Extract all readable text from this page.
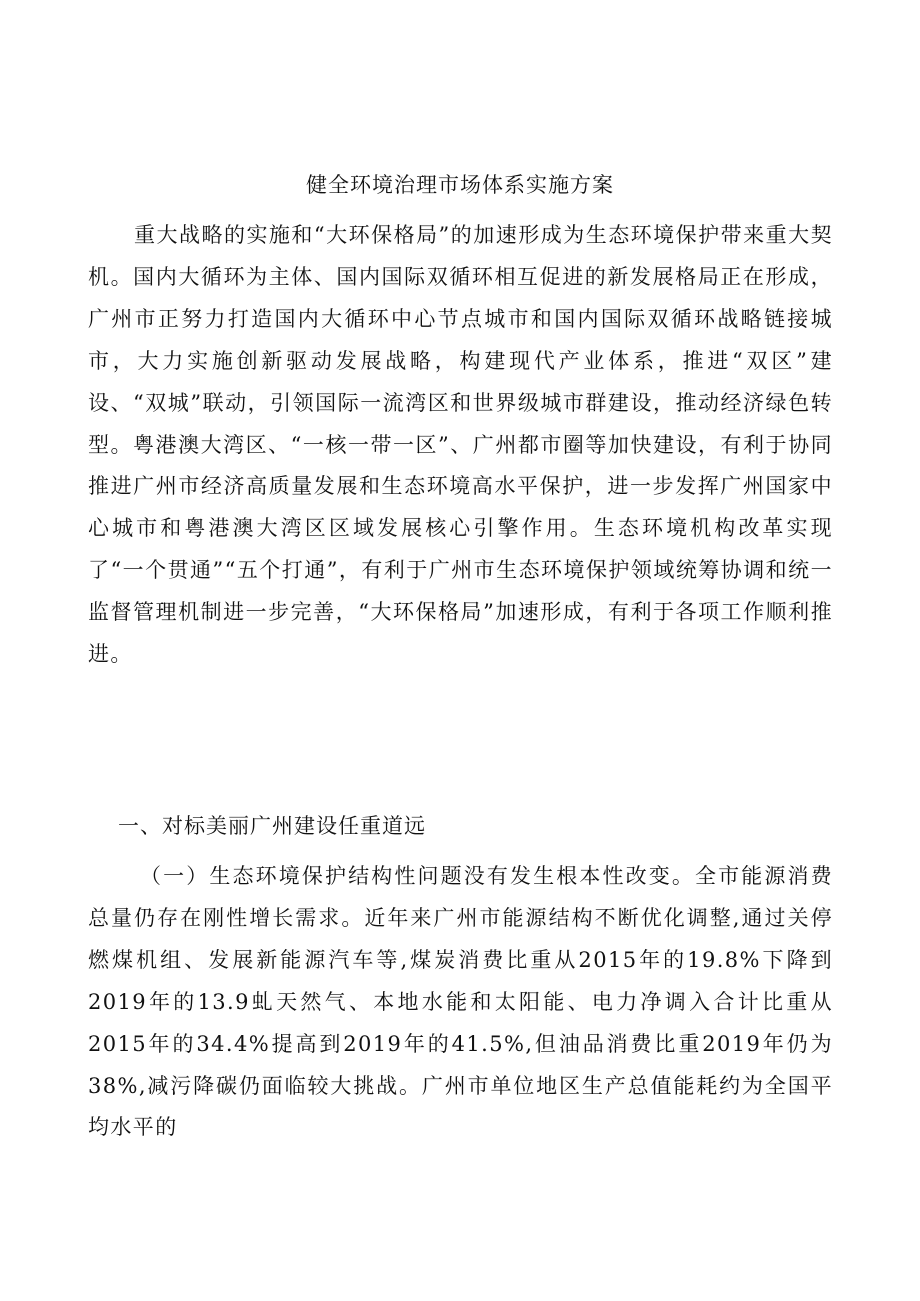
健全环境治理市场体系实施方案

重大战略的实施和“大环保格局”的加速形成为生态环境保护带来重大契机。国内大循环为主体、国内国际双循环相互促进的新发展格局正在形成，广州市正努力打造国内大循环中心节点城市和国内国际双循环战略链接城市，大力实施创新驱动发展战略，构建现代产业体系，推进“双区”建设、“双城”联动，引领国际一流湾区和世界级城市群建设，推动经济绿色转型。粤港澳大湾区、“一核一带一区”、广州都市圈等加快建设，有利于协同推进广州市经济高质量发展和生态环境高水平保护，进一步发挥广州国家中心城市和粤港澳大湾区区域发展核心引擎作用。生态环境机构改革实现了“一个贯通”“五个打通”，有利于广州市生态环境保护领域统筹协调和统一监督管理机制进一步完善，“大环保格局”加速形成，有利于各项工作顺利推进。

一、对标美丽广州建设任重道远

（一）生态环境保护结构性问题没有发生根本性改变。全市能源消费总量仍存在刚性增长需求。近年来广州市能源结构不断优化调整,通过关停燃煤机组、发展新能源汽车等,煤炭消费比重从2015年的19.8%下降到2019年的13.9虬天然气、本地水能和太阳能、电力净调入合计比重从2015年的34.4%提高到2019年的41.5%,但油品消费比重2019年仍为38%,减污降碳仍面临较大挑战。广州市单位地区生产总值能耗约为全国平均水平的
